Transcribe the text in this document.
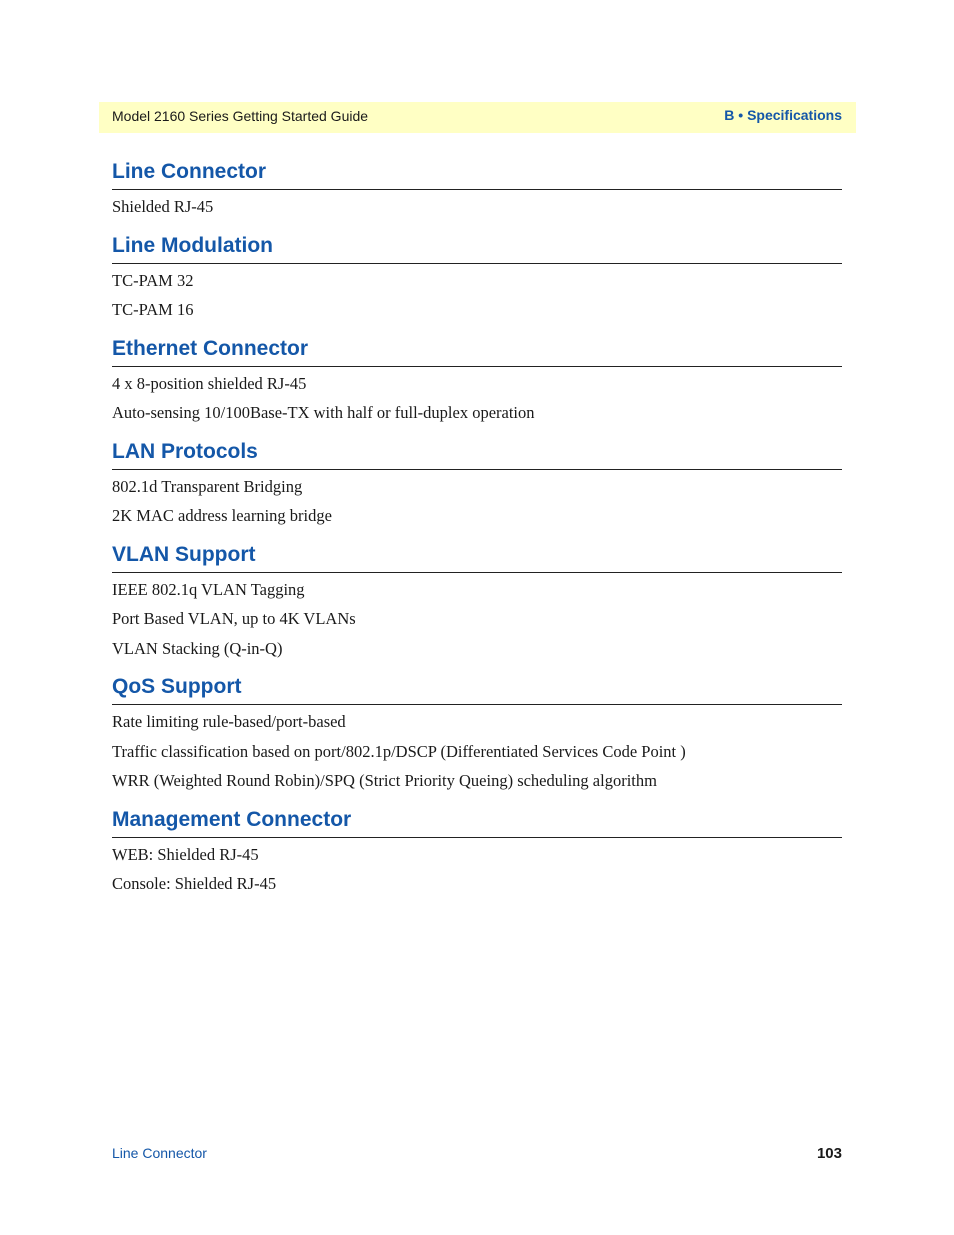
Model 2160 Series Getting Started Guide	B • Specifications
Line Connector
Shielded RJ-45
Line Modulation
TC-PAM 32
TC-PAM 16
Ethernet Connector
4 x 8-position shielded RJ-45
Auto-sensing 10/100Base-TX with half or full-duplex operation
LAN Protocols
802.1d Transparent Bridging
2K MAC address learning bridge
VLAN Support
IEEE 802.1q VLAN Tagging
Port Based VLAN, up to 4K VLANs
VLAN Stacking (Q-in-Q)
QoS Support
Rate limiting rule-based/port-based
Traffic classification based on port/802.1p/DSCP (Differentiated Services Code Point )
WRR (Weighted Round Robin)/SPQ (Strict Priority Queing) scheduling algorithm
Management Connector
WEB: Shielded RJ-45
Console: Shielded RJ-45
Line Connector	103
